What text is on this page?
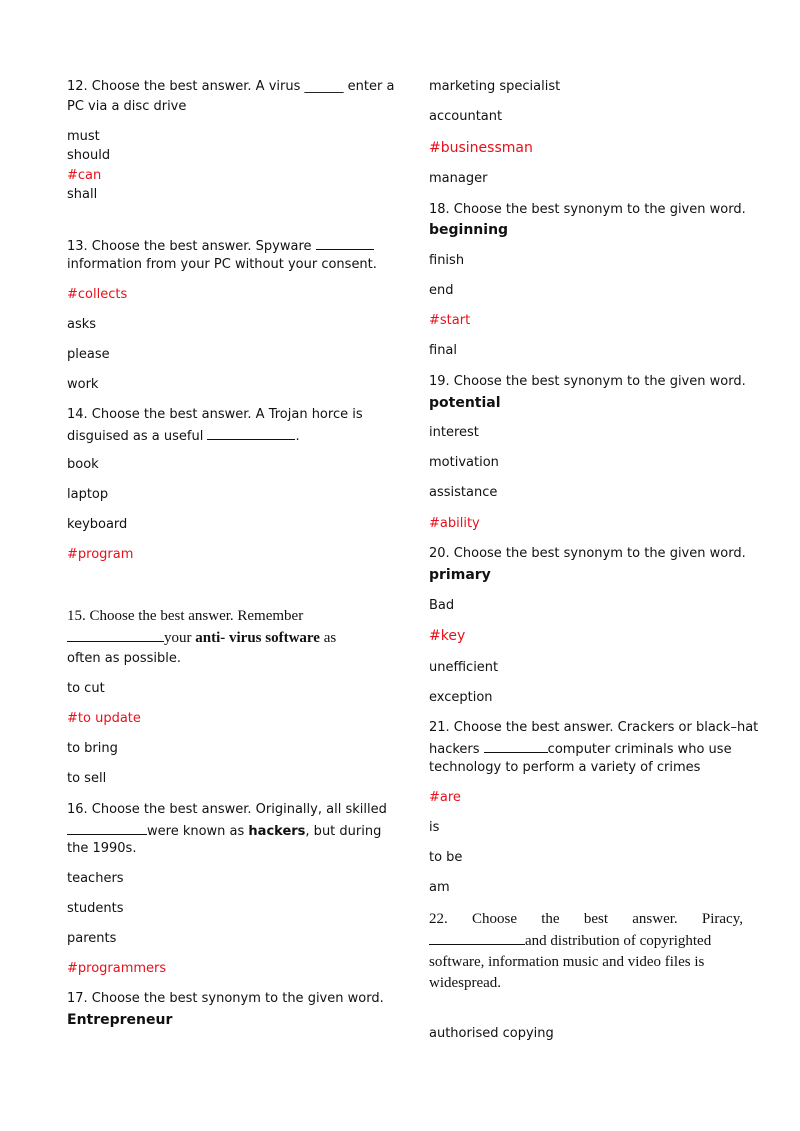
12. Choose the best answer. A virus ______ enter a
PC via a disc drive
must
should
#can
shall
13. Choose the best answer. Spyware
information from your PC without your consent.
#collects
asks
please
work
14. Choose the best answer. A Trojan horce is
disguised as a useful	.
book
laptop
keyboard
#program
15. Choose the best answer. Remember
your anti- virus software as
often as possible.
to cut
#to update
to bring
to sell
16. Choose the best answer. Originally, all skilled
were known as hackers, but during
the 1990s.
teachers
students
parents
#programmers
17. Choose the best synonym to the given word.
Entrepreneur
marketing specialist
accountant
#businessman
manager
18. Choose the best synonym to the given word.
beginning
finish
end
#start
final
19. Choose the best synonym to the given word.
potential
interest
motivation
assistance
#ability
20. Choose the best synonym to the given word.
primary
Bad
#key
unefficient
exception
21. Choose the best answer. Crackers or black–hat
hackers	computer criminals who use
technology to perform a variety of crimes
#are
is
to be
am
22. Choose the best answer. Piracy,
and distribution of copyrighted
software, information music and video files is
widespread.
authorised copying
